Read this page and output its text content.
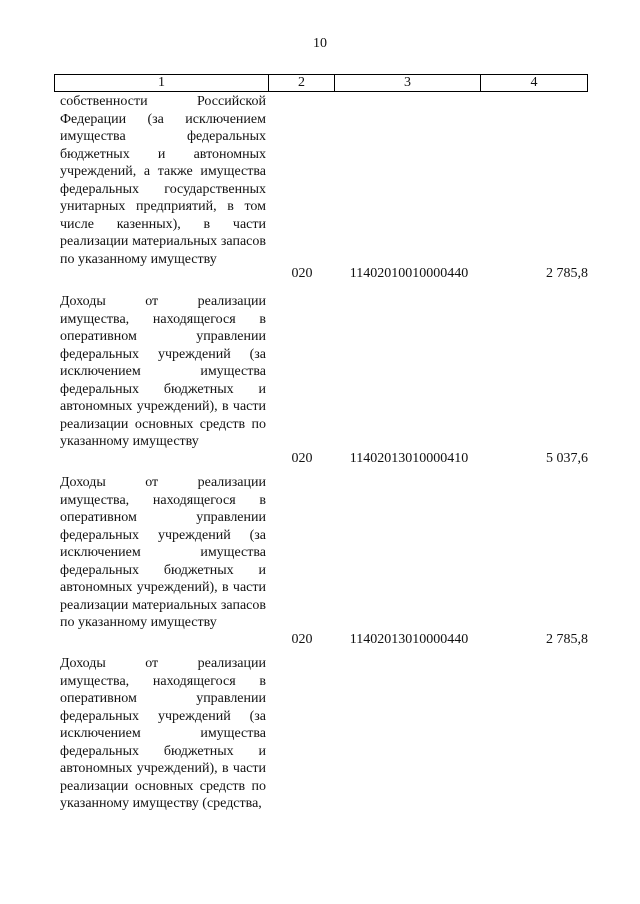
10
1	2	3	4
собственности Российской Федерации (за исключением имущества федеральных бюджетных и автономных учреждений, а также имущества федеральных государственных унитарных предприятий, в том числе казенных), в части реализации материальных запасов по указанному имуществу
020	11402010010000440	2 785,8
Доходы от реализации имущества, находящегося в оперативном управлении федеральных учреждений (за исключением имущества федеральных бюджетных и автономных учреждений), в части реализации основных средств по указанному имуществу
020	11402013010000410	5 037,6
Доходы от реализации имущества, находящегося в оперативном управлении федеральных учреждений (за исключением имущества федеральных бюджетных и автономных учреждений), в части реализации материальных запасов по указанному имуществу
020	11402013010000440	2 785,8
Доходы от реализации имущества, находящегося в оперативном управлении федеральных учреждений (за исключением имущества федеральных бюджетных и автономных учреждений), в части реализации основных средств по указанному имуществу (средства,
